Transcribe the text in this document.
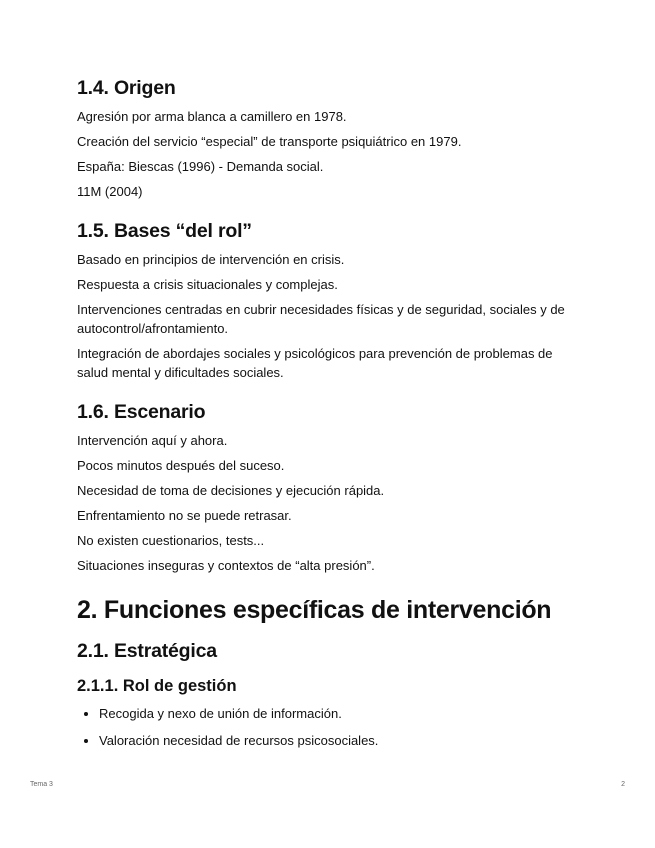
1.4. Origen

Agresión por arma blanca a camillero en 1978.

Creación del servicio “especial” de transporte psiquiátrico en 1979.

España: Biescas (1996) - Demanda social.

11M (2004)

1.5. Bases “del rol”

Basado en principios de intervención en crisis.

Respuesta a crisis situacionales y complejas.

Intervenciones centradas en cubrir necesidades físicas y de seguridad, sociales y de autocontrol/afrontamiento.

Integración de abordajes sociales y psicológicos para prevención de problemas de salud mental y dificultades sociales.

1.6. Escenario

Intervención aquí y ahora.

Pocos minutos después del suceso.

Necesidad de toma de decisiones y ejecución rápida.

Enfrentamiento no se puede retrasar.

No existen cuestionarios, tests...

Situaciones inseguras y contextos de “alta presión”.

2. Funciones específicas de intervención
2.1. Estratégica
2.1.1. Rol de gestión
• Recogida y nexo de unión de información.
• Valoración necesidad de recursos psicosociales.
Tema 3	2
